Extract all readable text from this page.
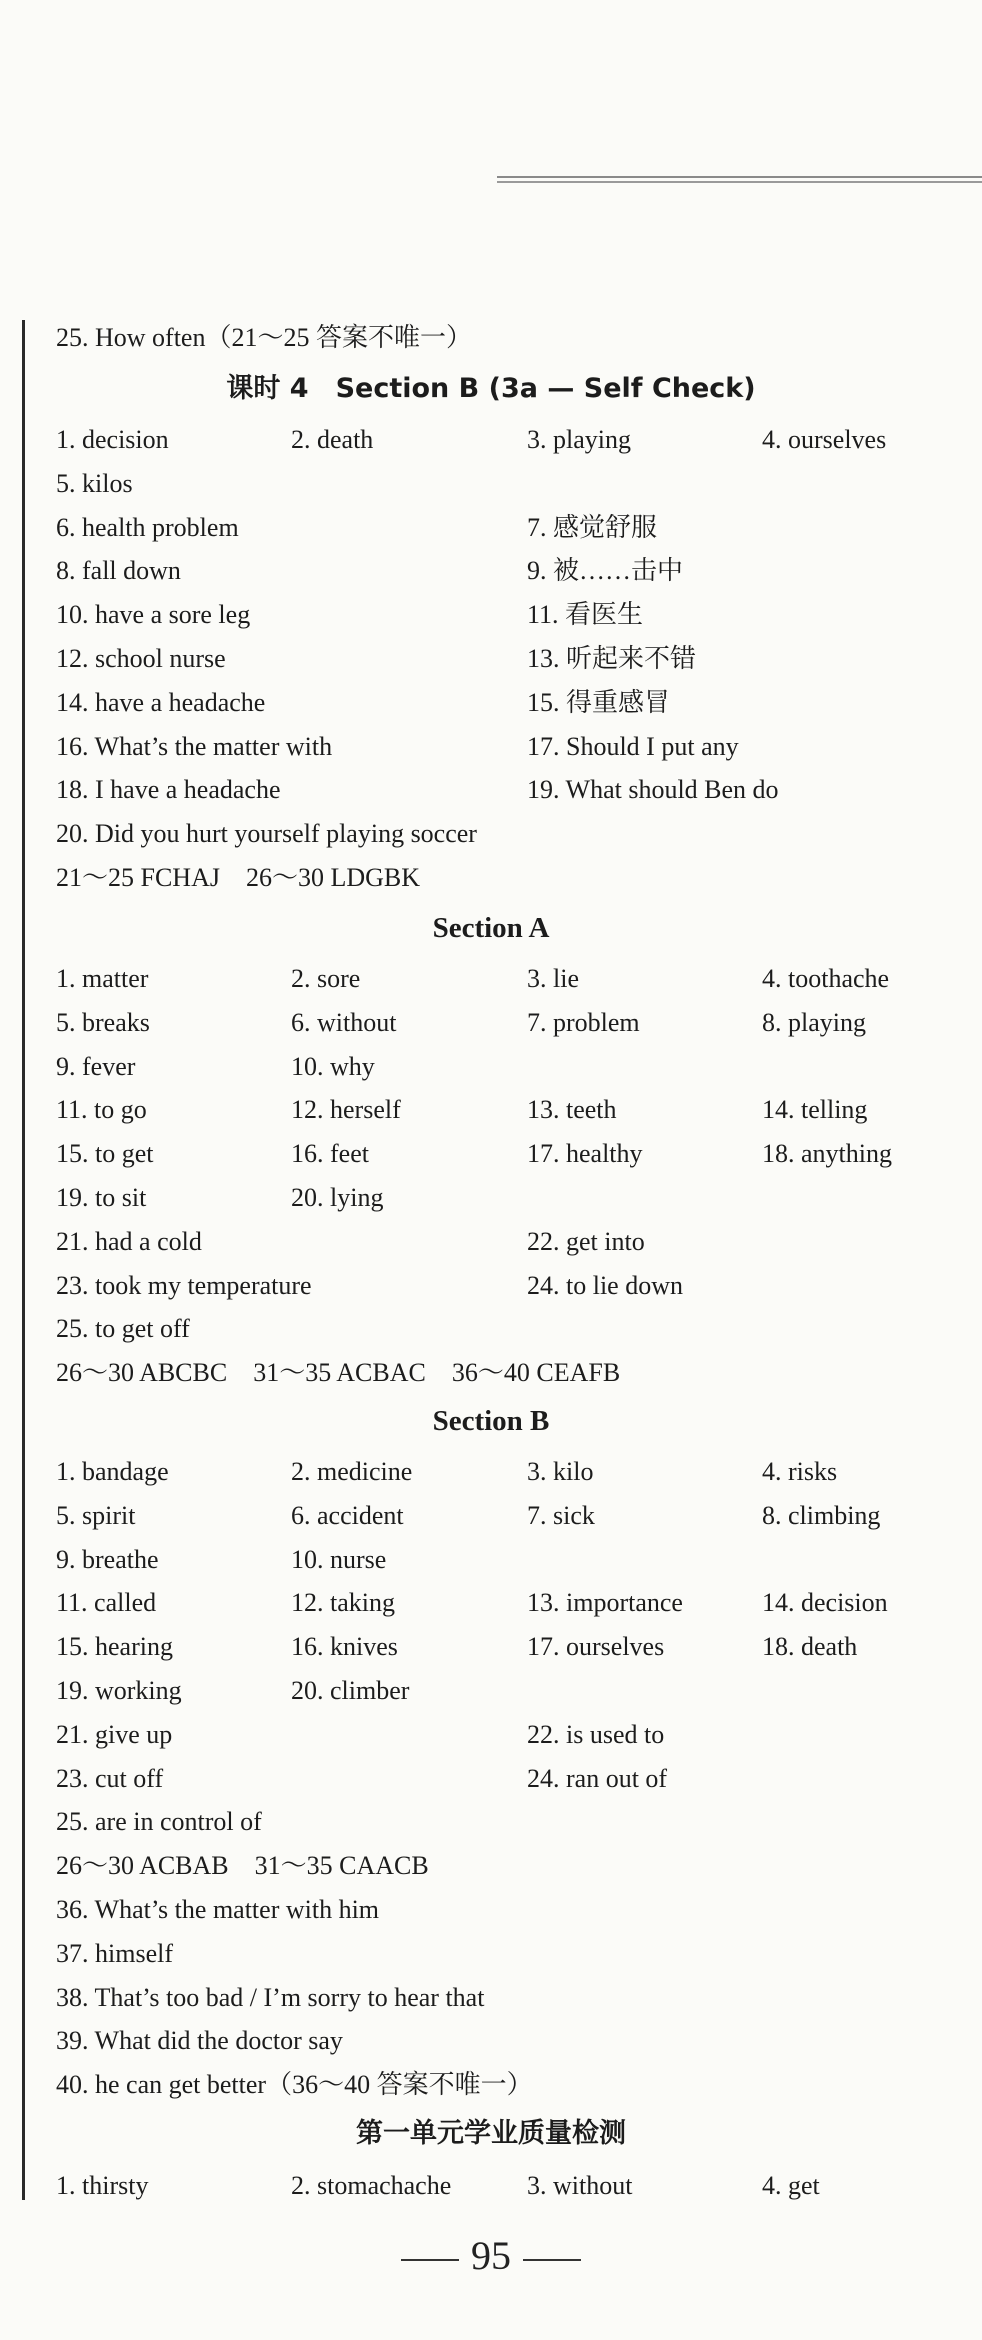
25. How often（21～25 答案不唯一）
课时 4　Section B (3a — Self Check)
1. decision	2. death	3. playing	4. ourselves
5. kilos
6. health problem	7. 感觉舒服
8. fall down	9. 被……击中
10. have a sore leg	11. 看医生
12. school nurse	13. 听起来不错
14. have a headache	15. 得重感冒
16. What’s the matter with	17. Should I put any
18. I have a headache	19. What should Ben do
20. Did you hurt yourself playing soccer
21～25 FCHAJ　26～30 LDGBK
Section A
1. matter	2. sore	3. lie	4. toothache
5. breaks	6. without	7. problem	8. playing
9. fever	10. why
11. to go	12. herself	13. teeth	14. telling
15. to get	16. feet	17. healthy	18. anything
19. to sit	20. lying
21. had a cold	22. get into
23. took my temperature	24. to lie down
25. to get off
26～30 ABCBC　31～35 ACBAC　36～40 CEAFB
Section B
1. bandage	2. medicine	3. kilo	4. risks
5. spirit	6. accident	7. sick	8. climbing
9. breathe	10. nurse
11. called	12. taking	13. importance	14. decision
15. hearing	16. knives	17. ourselves	18. death
19. working	20. climber
21. give up	22. is used to
23. cut off	24. ran out of
25. are in control of
26～30 ACBAB　31～35 CAACB
36. What’s the matter with him
37. himself
38. That’s too bad / I’m sorry to hear that
39. What did the doctor say
40. he can get better（36～40 答案不唯一）
第一单元学业质量检测
1. thirsty	2. stomachache	3. without	4. get
95
